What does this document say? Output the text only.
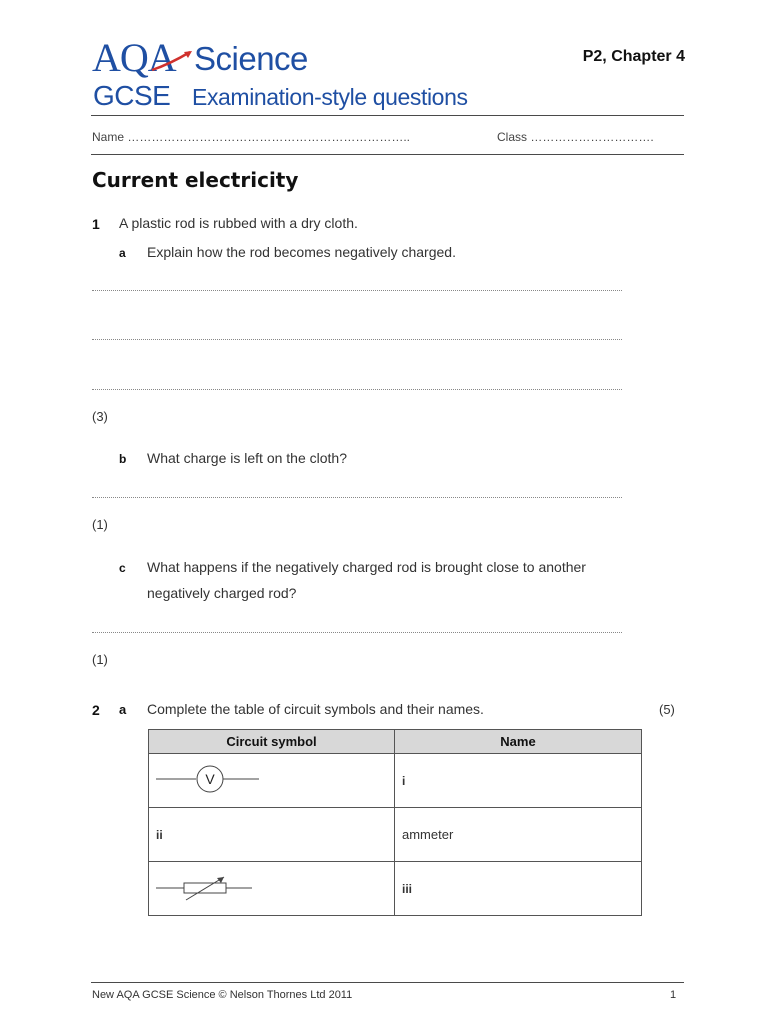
AQA Science
GCSE Examination-style questions
P2, Chapter 4
Name ……………………………………………………………..	Class ………………………….
Current electricity
1 A plastic rod is rubbed with a dry cloth.
a Explain how the rod becomes negatively charged.
(3)
b What charge is left on the cloth?
(1)
c What happens if the negatively charged rod is brought close to another
negatively charged rod?
(1)
2 a Complete the table of circuit symbols and their names.	(5)
Circuit symbol	Name

V	i
ii	ammeter
	iii
New AQA GCSE Science © Nelson Thornes Ltd 2011	1
